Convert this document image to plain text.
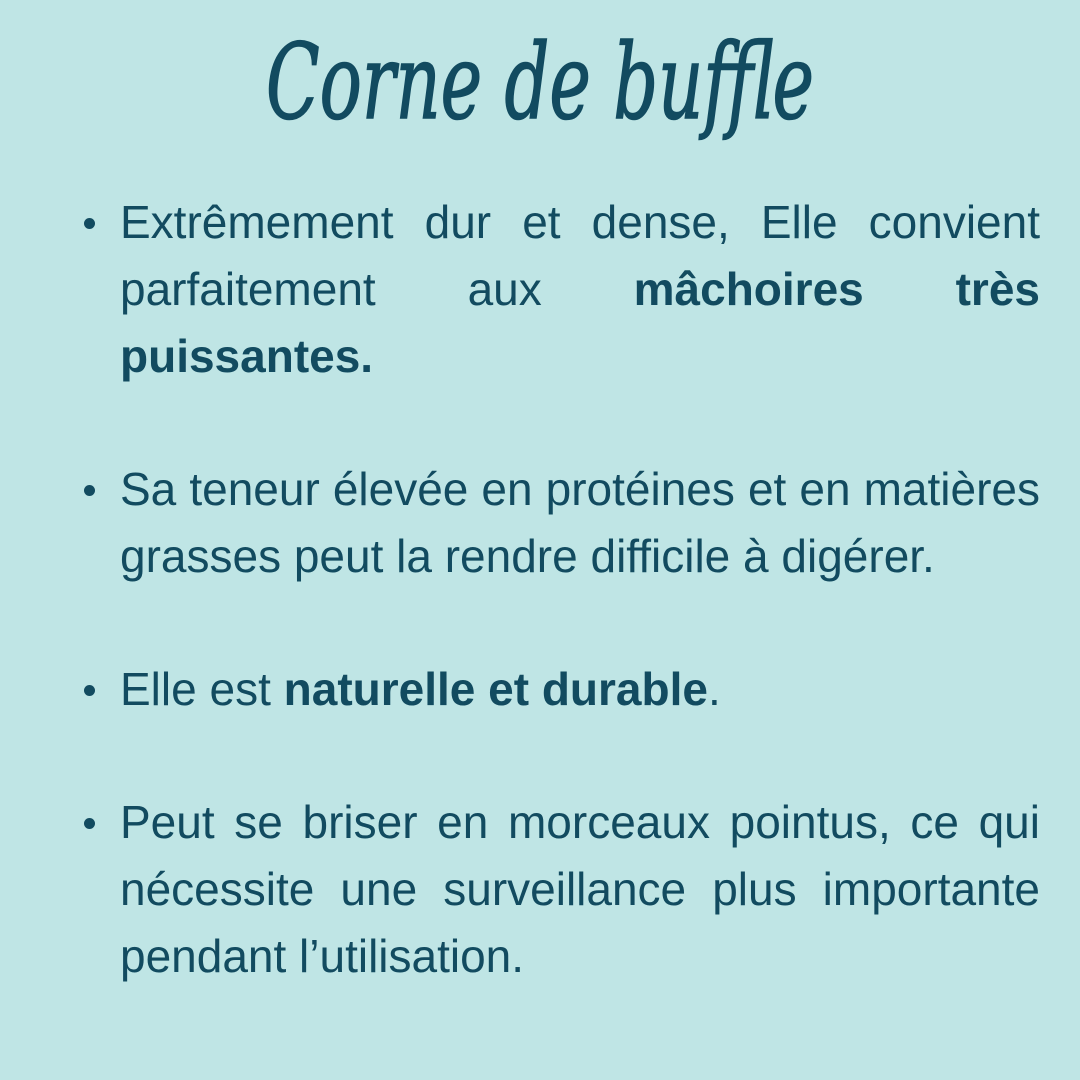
Corne de buffle
Extrêmement dur et dense, Elle convient parfaitement aux mâchoires très puissantes.
Sa teneur élevée en protéines et en matières grasses peut la rendre difficile à digérer.
Elle est naturelle et durable.
Peut se briser en morceaux pointus, ce qui nécessite une surveillance plus importante pendant l’utilisation.
